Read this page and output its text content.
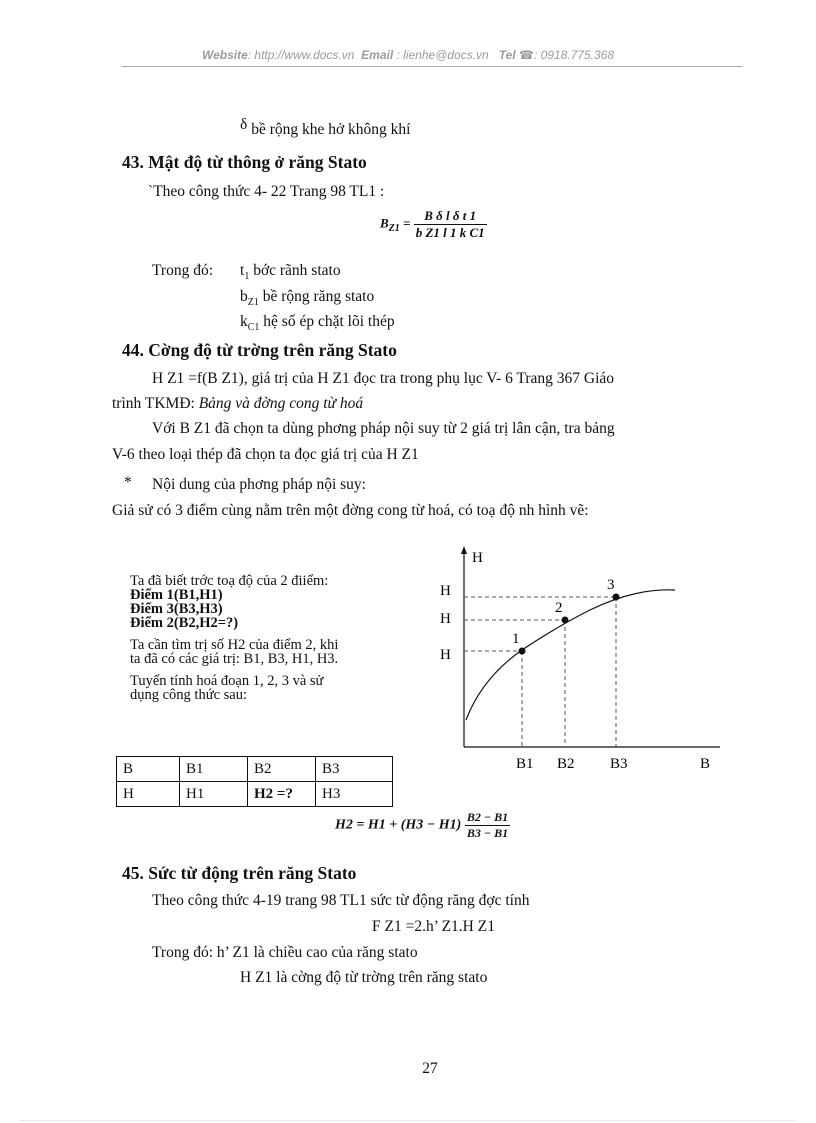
Website: http://www.docs.vn Email : lienhe@docs.vn Tel ☎: 0918.775.368
δ bề rộng khe hở không khí
43. Mật độ từ thông ở răng Stato
`Theo công thức 4- 22 Trang 98 TL1 :
$B_{Z1} = \frac{\text{B δ l δ t 1}}{\text{b Z1 l 1 k C1}}$
Trong đó: $t_1$ bớc rãnh stato
$b_{Z1}$ bề rộng răng stato
$k_{C1}$ hệ số ép chặt lõi thép
44. Cờng độ từ trờng trên răng Stato
H Z1 =f(B Z1), giá trị của H Z1 đọc tra trong phụ lục V- 6 Trang 367 Giáo
trình TKMĐ: Bảng và đờng cong từ hoá
Với B Z1 đã chọn ta dùng phơng pháp nội suy từ 2 giá trị lân cận, tra bảng
V-6 theo loại thép đã chọn ta đọc giá trị của H Z1
* Nội dung của phơng pháp nội suy:
Giả sử có 3 điểm cùng nằm trên một đờng cong từ hoá, có toạ độ nh hình vẽ:
Ta đã biết trớc toạ độ của 2 điiểm:
Điểm 1(B1,H1)
Điểm 3(B3,H3)
Điểm 2(B2,H2=?)
Ta cần tìm trị số H2 của điểm 2, khi
ta đã có các giá trị: B1, B3, H1, H3.
Tuyến tính hoá đoạn 1, 2, 3 và sử
dụng công thức sau:
H
B
1
2
3
H
H
H
B1 B2 B3
B	B1	B2	B3
H	H1	H2 =?	H3
$H2 = H1 + (H3 - H1) \frac{B2 - B1}{B3 - B1}$
45. Sức từ động trên răng Stato
Theo công thức 4-19 trang 98 TL1 sức từ động răng đợc tính
F Z1 =2.h’ Z1.H Z1
Trong đó: h’ Z1 là chiều cao của răng stato
H Z1 là cờng độ từ trờng trên răng stato
27
